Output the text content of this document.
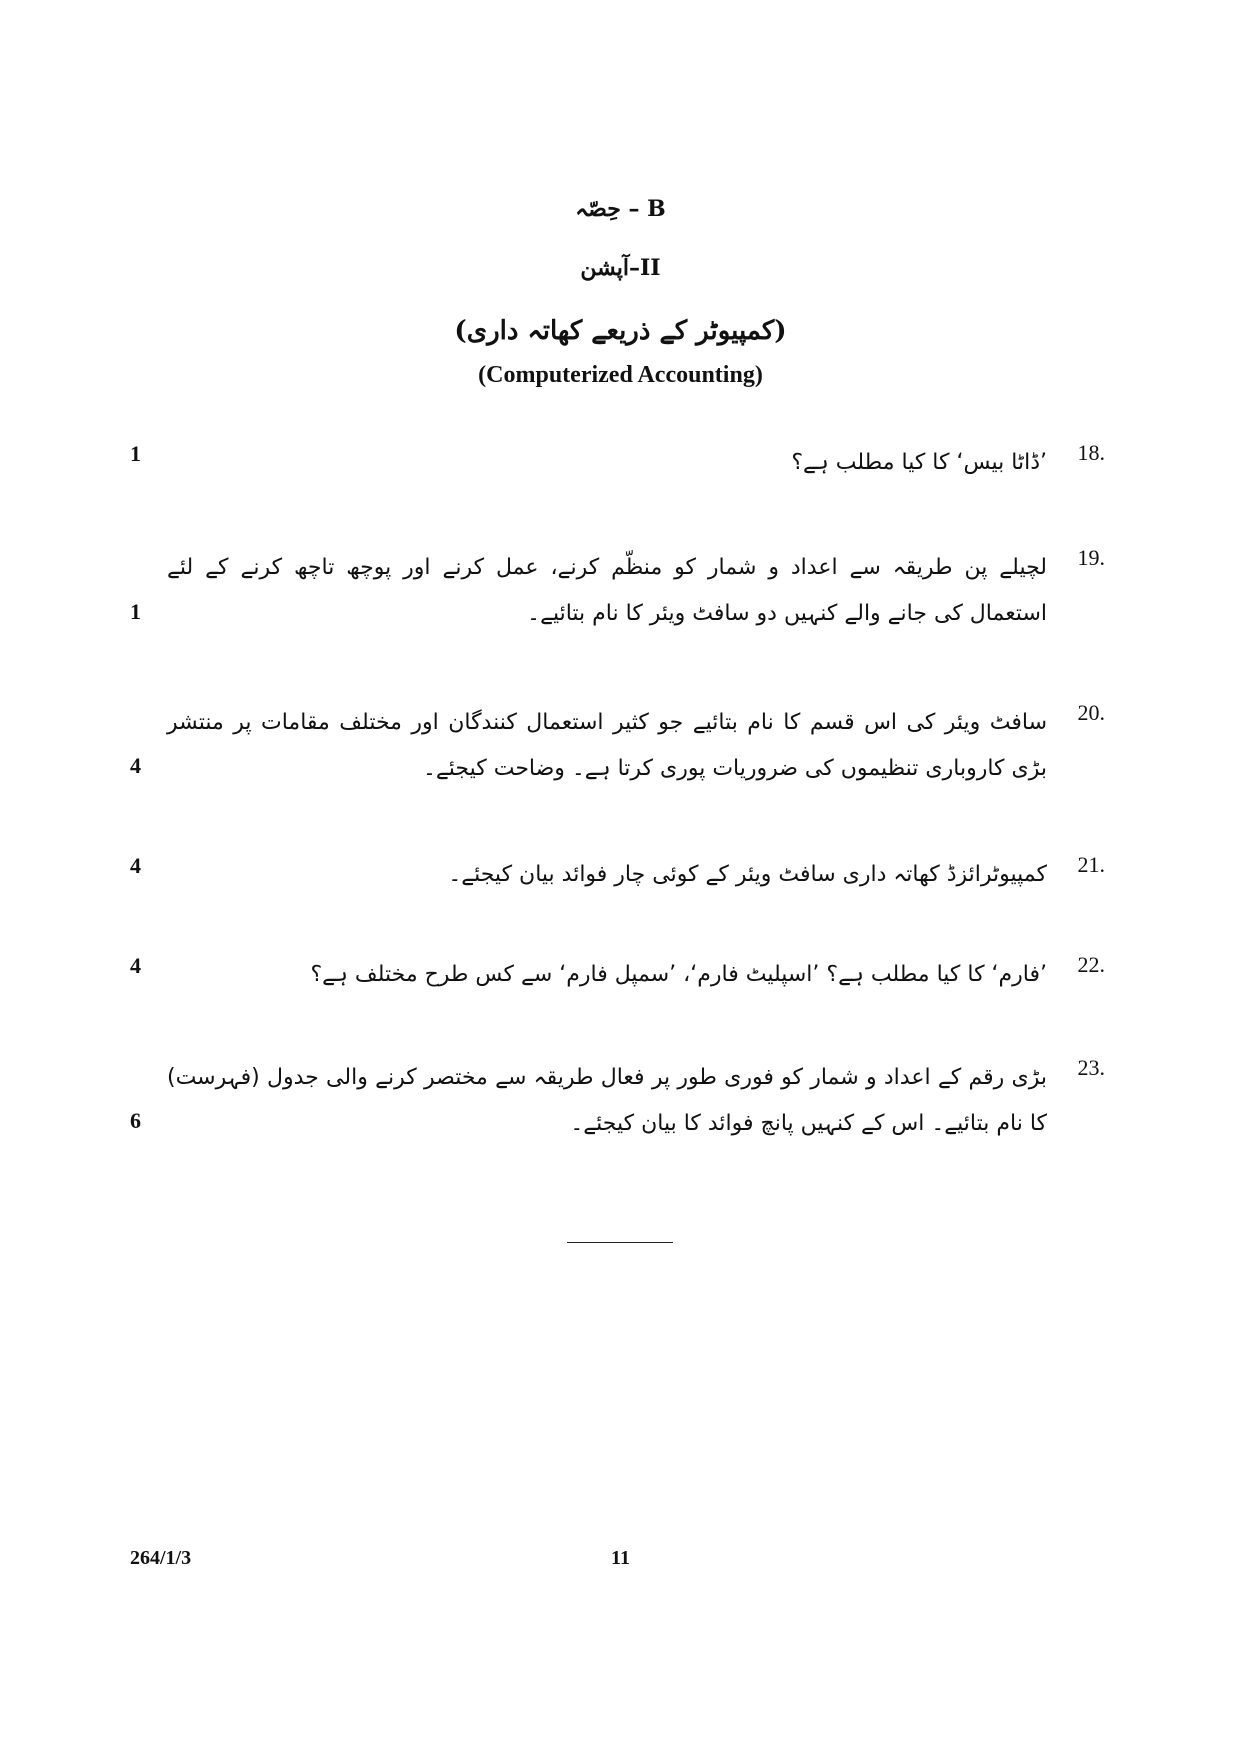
حِصّہ – B
آپشن–II
(کمپیوٹر کے ذریعے کھاتہ داری)
(Computerized Accounting)
18.
’ڈاٹا بیس‘ کا کیا مطلب ہے؟
1
19.
لچیلے پن طریقہ سے اعداد و شمار کو منظّم کرنے، عمل کرنے اور پوچھ تاچھ کرنے کے لئے استعمال کی جانے والے کنہیں دو سافٹ ویئر کا نام بتائیے۔
1
20.
سافٹ ویئر کی اس قسم کا نام بتائیے جو کثیر استعمال کنندگان اور مختلف مقامات پر منتشر بڑی کاروباری تنظیموں کی ضروریات پوری کرتا ہے۔ وضاحت کیجئے۔
4
21.
کمپیوٹرائزڈ کھاتہ داری سافٹ ویئر کے کوئی چار فوائد بیان کیجئے۔
4
22.
’فارم‘ کا کیا مطلب ہے؟ ’اسپلیٹ فارم‘، ’سمپل فارم‘ سے کس طرح مختلف ہے؟
4
23.
بڑی رقم کے اعداد و شمار کو فوری طور پر فعال طریقہ سے مختصر کرنے والی جدول (فہرست) کا نام بتائیے۔ اس کے کنہیں پانچ فوائد کا بیان کیجئے۔
6
264/1/3	11
